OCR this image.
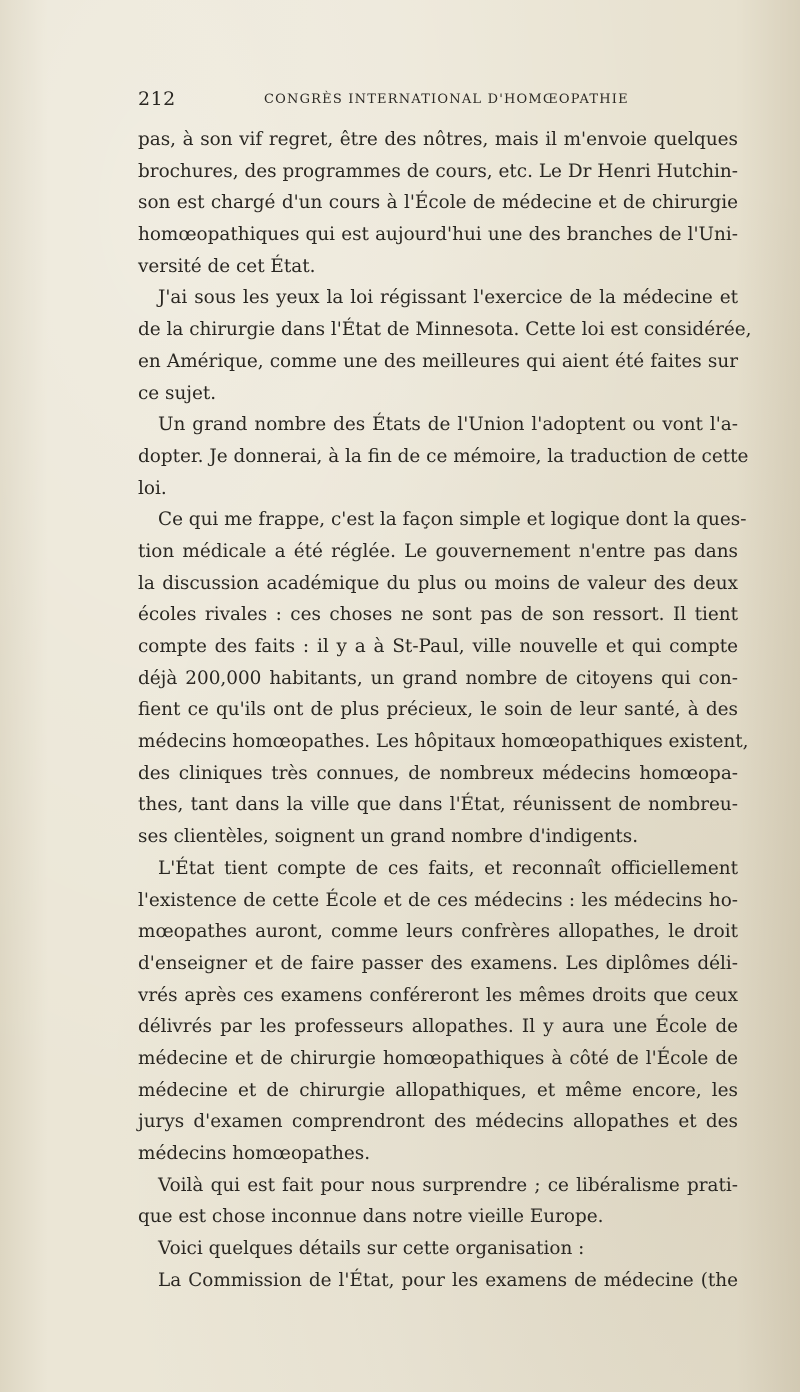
212	CONGRÈS INTERNATIONAL D'HOMŒOPATHIE
pas, à son vif regret, être des nôtres, mais il m'envoie quelques
brochures, des programmes de cours, etc. Le Dr Henri Hutchin-
son est chargé d'un cours à l'École de médecine et de chirurgie
homœopathiques qui est aujourd'hui une des branches de l'Uni-
versité de cet État.
J'ai sous les yeux la loi régissant l'exercice de la médecine et
de la chirurgie dans l'État de Minnesota. Cette loi est considérée,
en Amérique, comme une des meilleures qui aient été faites sur
ce sujet.
Un grand nombre des États de l'Union l'adoptent ou vont l'a-
dopter. Je donnerai, à la fin de ce mémoire, la traduction de cette
loi.
Ce qui me frappe, c'est la façon simple et logique dont la ques-
tion médicale a été réglée. Le gouvernement n'entre pas dans
la discussion académique du plus ou moins de valeur des deux
écoles rivales : ces choses ne sont pas de son ressort. Il tient
compte des faits : il y a à St-Paul, ville nouvelle et qui compte
déjà 200,000 habitants, un grand nombre de citoyens qui con-
fient ce qu'ils ont de plus précieux, le soin de leur santé, à des
médecins homœopathes. Les hôpitaux homœopathiques existent,
des cliniques très connues, de nombreux médecins homœopa-
thes, tant dans la ville que dans l'État, réunissent de nombreu-
ses clientèles, soignent un grand nombre d'indigents.
L'État tient compte de ces faits, et reconnaît officiellement
l'existence de cette École et de ces médecins : les médecins ho-
mœopathes auront, comme leurs confrères allopathes, le droit
d'enseigner et de faire passer des examens. Les diplômes déli-
vrés après ces examens conféreront les mêmes droits que ceux
délivrés par les professeurs allopathes. Il y aura une École de
médecine et de chirurgie homœopathiques à côté de l'École de
médecine et de chirurgie allopathiques, et même encore, les
jurys d'examen comprendront des médecins allopathes et des
médecins homœopathes.
Voilà qui est fait pour nous surprendre ; ce libéralisme prati-
que est chose inconnue dans notre vieille Europe.
Voici quelques détails sur cette organisation :
La Commission de l'État, pour les examens de médecine (the
